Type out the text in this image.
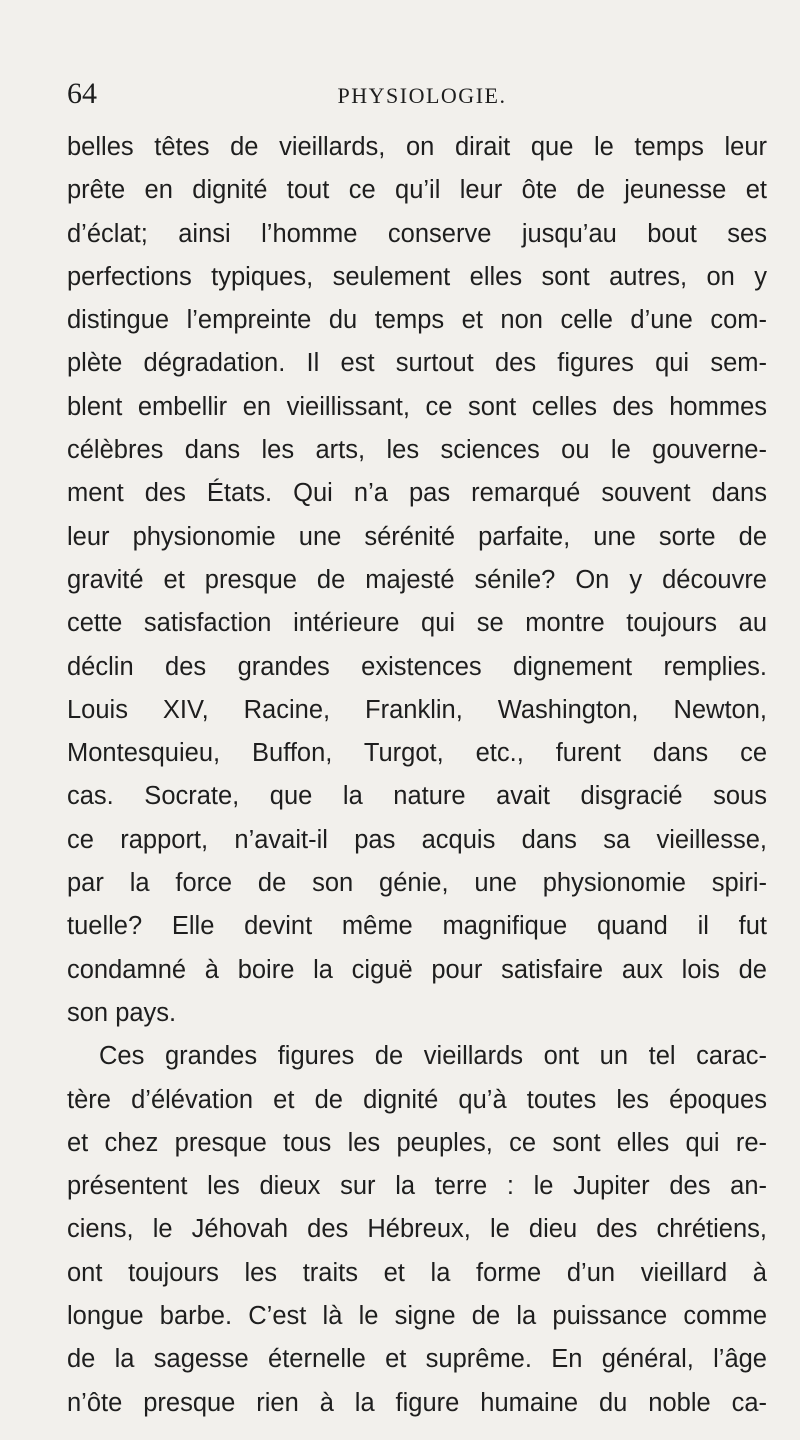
64	PHYSIOLOGIE.
belles têtes de vieillards, on dirait que le temps leur
prête en dignité tout ce qu’il leur ôte de jeunesse et
d’éclat; ainsi l’homme conserve jusqu’au bout ses
perfections typiques, seulement elles sont autres, on y
distingue l’empreinte du temps et non celle d’une com-
plète dégradation. Il est surtout des figures qui sem-
blent embellir en vieillissant, ce sont celles des hommes
célèbres dans les arts, les sciences ou le gouverne-
ment des États. Qui n’a pas remarqué souvent dans
leur physionomie une sérénité parfaite, une sorte de
gravité et presque de majesté sénile? On y découvre
cette satisfaction intérieure qui se montre toujours au
déclin des grandes existences dignement remplies.
Louis XIV, Racine, Franklin, Washington, Newton,
Montesquieu, Buffon, Turgot, etc., furent dans ce
cas. Socrate, que la nature avait disgracié sous
ce rapport, n’avait-il pas acquis dans sa vieillesse,
par la force de son génie, une physionomie spiri-
tuelle? Elle devint même magnifique quand il fut
condamné à boire la ciguë pour satisfaire aux lois de
son pays.
Ces grandes figures de vieillards ont un tel carac-
tère d’élévation et de dignité qu’à toutes les époques
et chez presque tous les peuples, ce sont elles qui re-
présentent les dieux sur la terre : le Jupiter des an-
ciens, le Jéhovah des Hébreux, le dieu des chrétiens,
ont toujours les traits et la forme d’un vieillard à
longue barbe. C’est là le signe de la puissance comme
de la sagesse éternelle et suprême. En général, l’âge
n’ôte presque rien à la figure humaine du noble ca-
